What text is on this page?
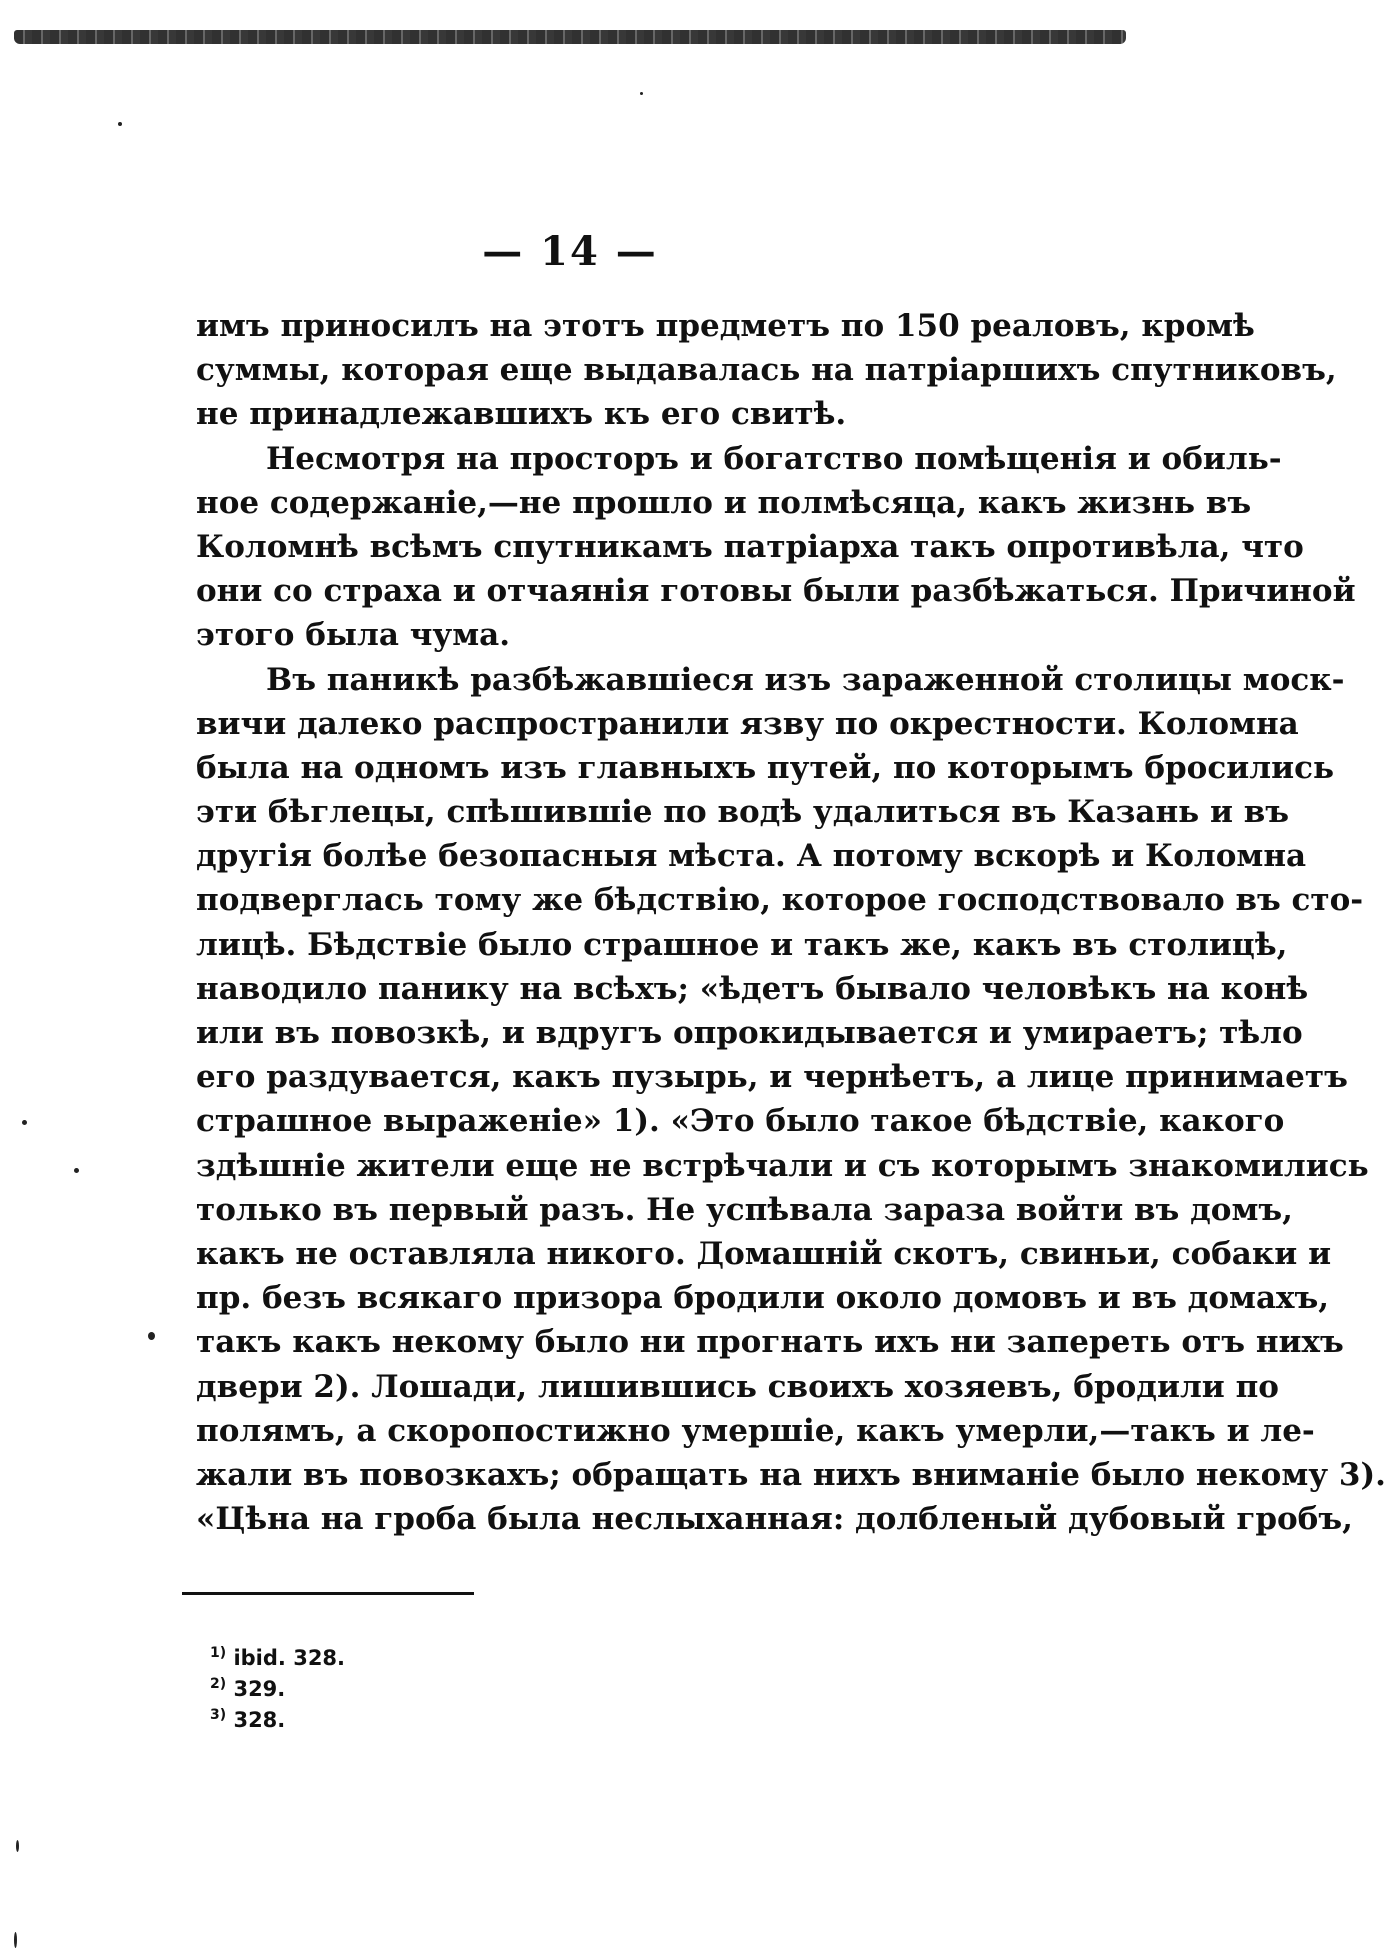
— 14 —
имъ приносилъ на этотъ предметъ по 150 реаловъ, кромѣ
суммы, которая еще выдавалась на патріаршихъ спутниковъ,
не принадлежавшихъ къ его свитѣ.
Несмотря на просторъ и богатство помѣщенія и обиль-
ное содержаніе,—не прошло и полмѣсяца, какъ жизнь въ
Коломнѣ всѣмъ спутникамъ патріарха такъ опротивѣла, что
они со страха и отчаянія готовы были разбѣжаться. Причиной
этого была чума.
Въ паникѣ разбѣжавшіеся изъ зараженной столицы моск-
вичи далеко распространили язву по окрестности. Коломна
была на одномъ изъ главныхъ путей, по которымъ бросились
эти бѣглецы, спѣшившіе по водѣ удалиться въ Казань и въ
другія болѣе безопасныя мѣста. А потому вскорѣ и Коломна
подверглась тому же бѣдствію, которое господствовало въ сто-
лицѣ. Бѣдствіе было страшное и такъ же, какъ въ столицѣ,
наводило панику на всѣхъ; «ѣдетъ бывало человѣкъ на конѣ
или въ повозкѣ, и вдругъ опрокидывается и умираетъ; тѣло
его раздувается, какъ пузырь, и чернѣетъ, а лице принимаетъ
страшное выраженіе» 1). «Это было такое бѣдствіе, какого
здѣшніе жители еще не встрѣчали и съ которымъ знакомились
только въ первый разъ. Не успѣвала зараза войти въ домъ,
какъ не оставляла никого. Домашній скотъ, свиньи, собаки и
пр. безъ всякаго призора бродили около домовъ и въ домахъ,
такъ какъ некому было ни прогнать ихъ ни запереть отъ нихъ
двери 2). Лошади, лишившись своихъ хозяевъ, бродили по
полямъ, а скоропостижно умершіе, какъ умерли,—такъ и ле-
жали въ повозкахъ; обращать на нихъ вниманіе было некому 3).
«Цѣна на гроба была неслыханная: долбленый дубовый гробъ,
$^{1)}$ ibid. 328.
$^{2)}$ 329.
$^{3)}$ 328.
